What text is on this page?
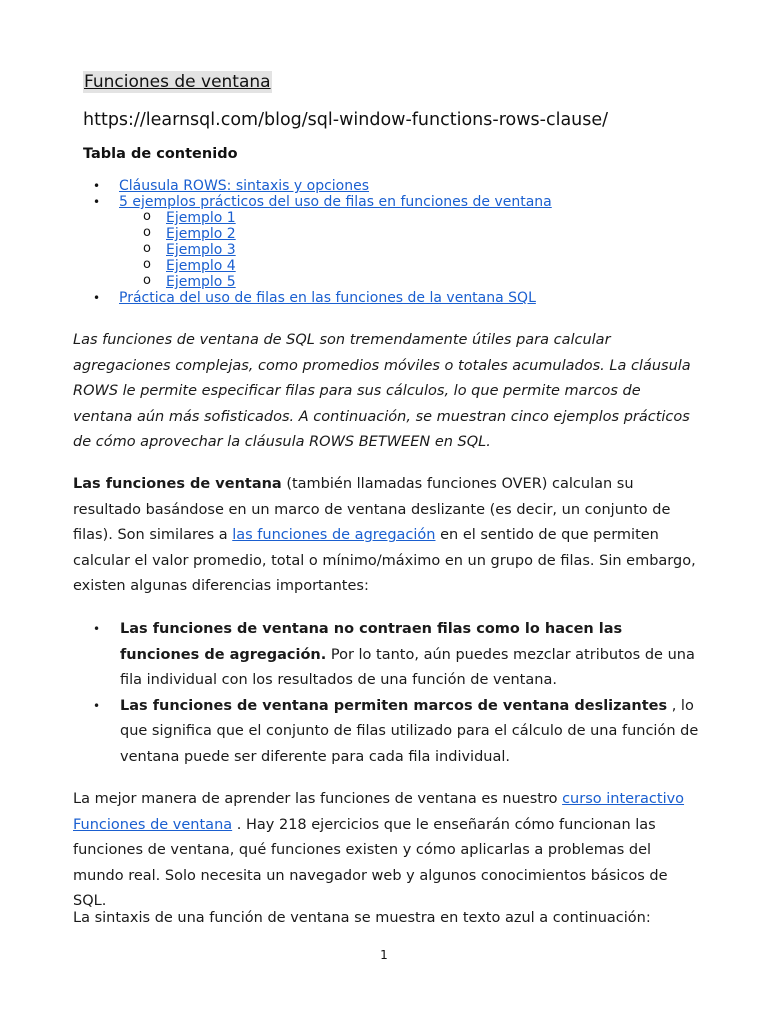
Funciones de ventana
https://learnsql.com/blog/sql-window-functions-rows-clause/
Tabla de contenido
• Cláusula ROWS: sintaxis y opciones
• 5 ejemplos prácticos del uso de filas en funciones de ventana
o Ejemplo 1
o Ejemplo 2
o Ejemplo 3
o Ejemplo 4
o Ejemplo 5
• Práctica del uso de filas en las funciones de la ventana SQL

Las funciones de ventana de SQL son tremendamente útiles para calcular agregaciones complejas, como promedios móviles o totales acumulados. La cláusula ROWS le permite especificar filas para sus cálculos, lo que permite marcos de ventana aún más sofisticados. A continuación, se muestran cinco ejemplos prácticos de cómo aprovechar la cláusula ROWS BETWEEN en SQL.

Las funciones de ventana (también llamadas funciones OVER) calculan su resultado basándose en un marco de ventana deslizante (es decir, un conjunto de filas). Son similares a las funciones de agregación en el sentido de que permiten calcular el valor promedio, total o mínimo/máximo en un grupo de filas. Sin embargo, existen algunas diferencias importantes:

• Las funciones de ventana no contraen filas como lo hacen las funciones de agregación. Por lo tanto, aún puedes mezclar atributos de una fila individual con los resultados de una función de ventana.
• Las funciones de ventana permiten marcos de ventana deslizantes , lo que significa que el conjunto de filas utilizado para el cálculo de una función de ventana puede ser diferente para cada fila individual.

La mejor manera de aprender las funciones de ventana es nuestro curso interactivo Funciones de ventana . Hay 218 ejercicios que le enseñarán cómo funcionan las funciones de ventana, qué funciones existen y cómo aplicarlas a problemas del mundo real. Solo necesita un navegador web y algunos conocimientos básicos de SQL.

La sintaxis de una función de ventana se muestra en texto azul a continuación:

1
